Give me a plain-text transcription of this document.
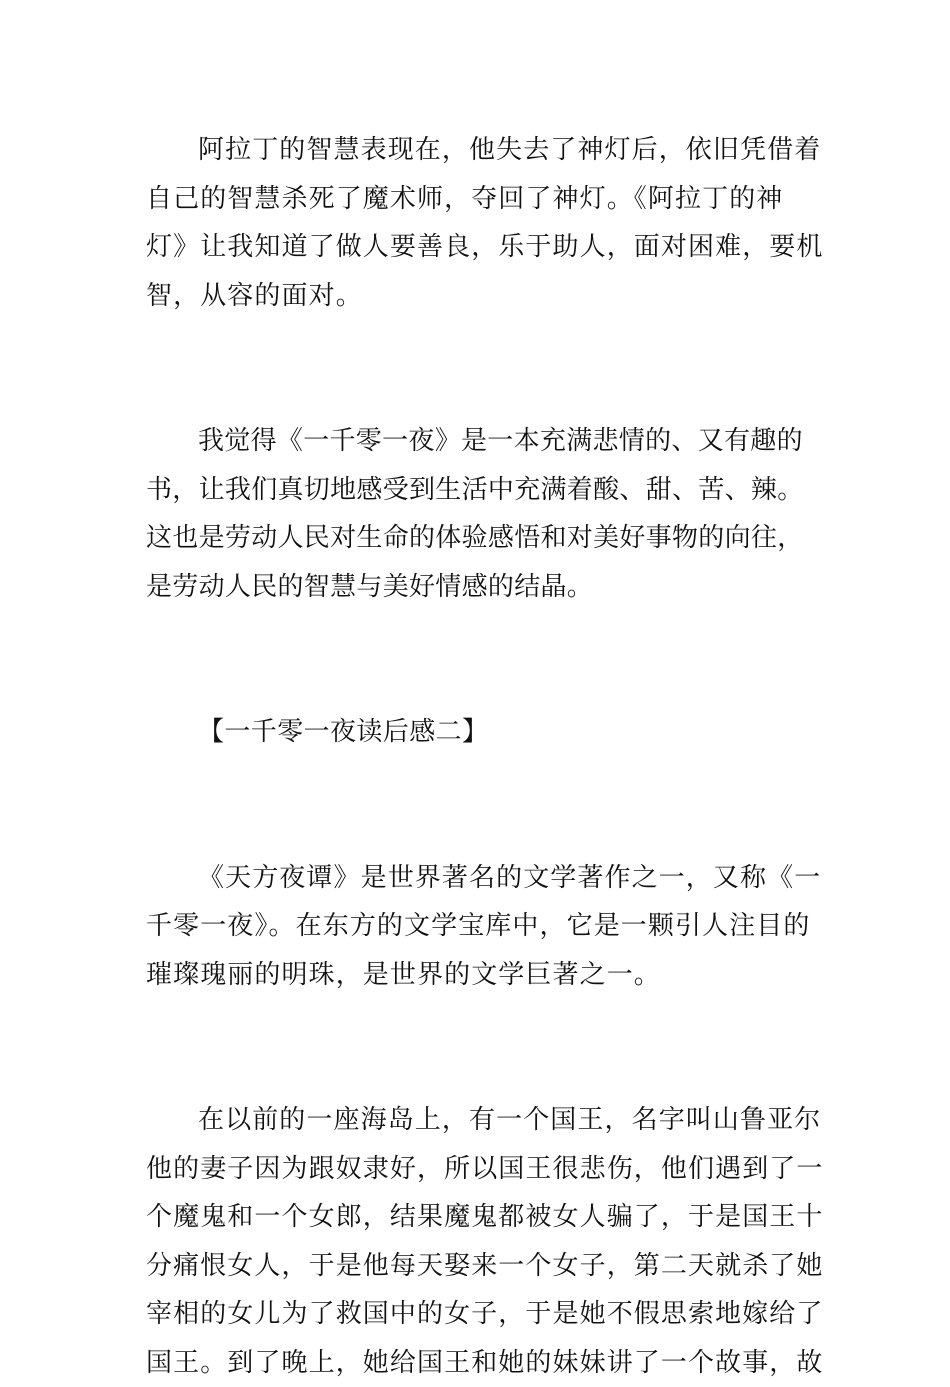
阿拉丁的智慧表现在，他失去了神灯后，依旧凭借着
自己的智慧杀死了魔术师，夺回了神灯。《阿拉丁的神
灯》让我知道了做人要善良，乐于助人，面对困难，要机
智，从容的面对。

我觉得《一千零一夜》是一本充满悲情的、又有趣的
书，让我们真切地感受到生活中充满着酸、甜、苦、辣。
这也是劳动人民对生命的体验感悟和对美好事物的向往，
是劳动人民的智慧与美好情感的结晶。

【一千零一夜读后感二】

《天方夜谭》是世界著名的文学著作之一，又称《一
千零一夜》。在东方的文学宝库中，它是一颗引人注目的
璀璨瑰丽的明珠，是世界的文学巨著之一。

在以前的一座海岛上，有一个国王，名字叫山鲁亚尔
他的妻子因为跟奴隶好，所以国王很悲伤，他们遇到了一
个魔鬼和一个女郎，结果魔鬼都被女人骗了，于是国王十
分痛恨女人，于是他每天娶来一个女子，第二天就杀了她
宰相的女儿为了救国中的女子，于是她不假思索地嫁给了
国王。到了晚上，她给国王和她的妹妹讲了一个故事，故
